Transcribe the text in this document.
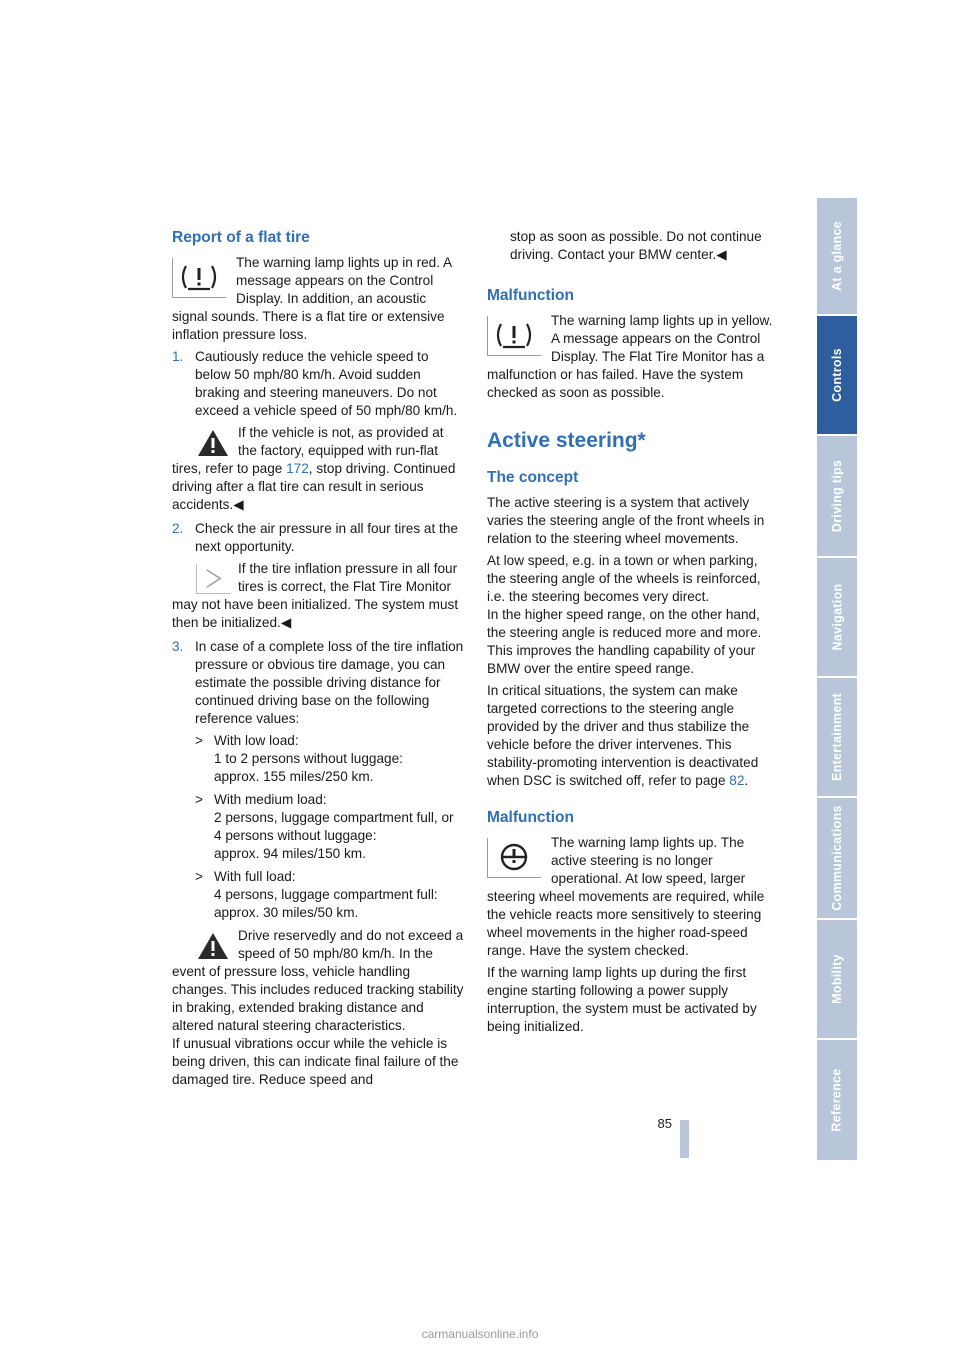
Report of a flat tire

The warning lamp lights up in red. A message appears on the Control Display. In addition, an acoustic signal sounds. There is a flat tire or extensive inflation pressure loss.

1. Cautiously reduce the vehicle speed to below 50 mph/80 km/h. Avoid sudden braking and steering maneuvers. Do not exceed a vehicle speed of 50 mph/80 km/h.

If the vehicle is not, as provided at the factory, equipped with run-flat tires, refer to page 172, stop driving. Continued driving after a flat tire can result in serious accidents.◀
2. Check the air pressure in all four tires at the next opportunity.

If the tire inflation pressure in all four tires is correct, the Flat Tire Monitor may not have been initialized. The system must then be initialized.◀
3. In case of a complete loss of the tire inflation pressure or obvious tire damage, you can estimate the possible driving distance for continued driving base on the following reference values:

> With low load:
1 to 2 persons without luggage:
approx. 155 miles/250 km.
> With medium load:
2 persons, luggage compartment full, or 4 persons without luggage:
approx. 94 miles/150 km.
> With full load:
4 persons, luggage compartment full:
approx. 30 miles/50 km.
Drive reservedly and do not exceed a speed of 50 mph/80 km/h. In the event of pressure loss, vehicle handling changes. This includes reduced tracking stability in braking, extended braking distance and altered natural steering characteristics.
If unusual vibrations occur while the vehicle is being driven, this can indicate final failure of the damaged tire. Reduce speed and

stop as soon as possible. Do not continue driving. Contact your BMW center.◀

Malfunction

The warning lamp lights up in yellow. A message appears on the Control Display. The Flat Tire Monitor has a malfunction or has failed. Have the system checked as soon as possible.

Active steering*
The concept

The active steering is a system that actively varies the steering angle of the front wheels in relation to the steering wheel movements.

At low speed, e.g. in a town or when parking, the steering angle of the wheels is reinforced, i.e. the steering becomes very direct.

In the higher speed range, on the other hand, the steering angle is reduced more and more. This improves the handling capability of your BMW over the entire speed range.

In critical situations, the system can make targeted corrections to the steering angle provided by the driver and thus stabilize the vehicle before the driver intervenes. This stability-promoting intervention is deactivated when DSC is switched off, refer to page 82.

Malfunction

The warning lamp lights up. The active steering is no longer operational. At low speed, larger steering wheel movements are required, while the vehicle reacts more sensitively to steering wheel movements in the higher road-speed range. Have the system checked.

If the warning lamp lights up during the first engine starting following a power supply interruption, the system must be activated by being initialized.

At a glance
Controls
Driving tips
Navigation
Entertainment
Communications
Mobility
Reference
85
Online Edition for Part-No. 01 41 0 158 445 - © 09/04 BMW AG
carmanualsonline.info
